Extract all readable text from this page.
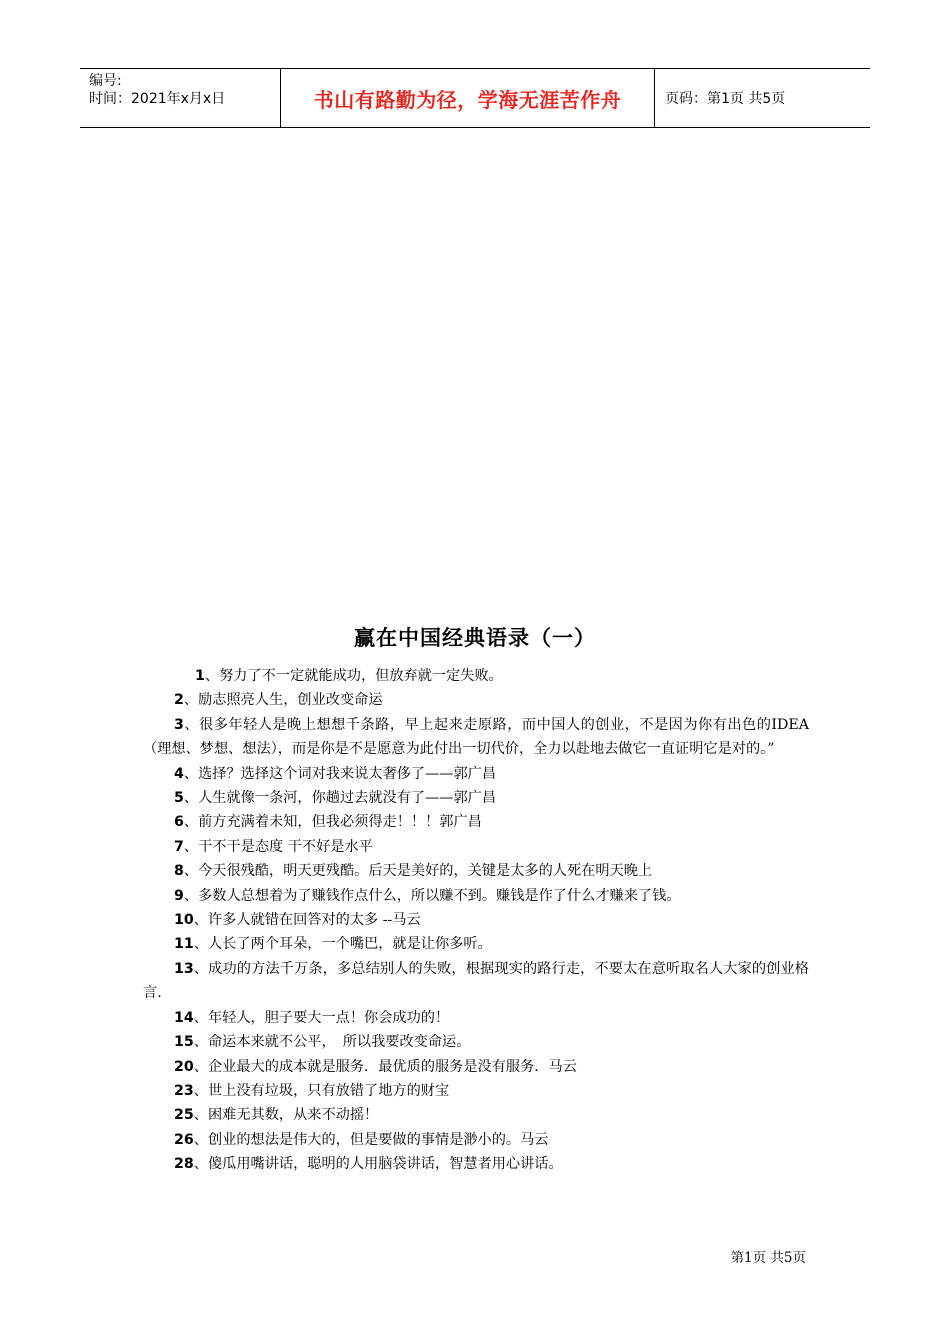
编号:
时间：2021年x月x日	书山有路勤为径，学海无涯苦作舟	页码：第1页 共5页
赢在中国经典语录（一）

1、努力了不一定就能成功，但放弃就一定失败。

2、励志照亮人生，创业改变命运

3、很多年轻人是晚上想想千条路，早上起来走原路，而中国人的创业，不是因为你有出色的IDEA（理想、梦想、想法），而是你是不是愿意为此付出一切代价，全力以赴地去做它一直证明它是对的。”

4、选择？选择这个词对我来说太奢侈了——郭广昌

5、人生就像一条河，你趟过去就没有了——郭广昌

6、前方充满着未知，但我必须得走！！！郭广昌

7、干不干是态度 干不好是水平

8、今天很残酷，明天更残酷。后天是美好的，关键是太多的人死在明天晚上

9、多数人总想着为了赚钱作点什么，所以赚不到。赚钱是作了什么才赚来了钱。

10、许多人就错在回答对的太多 --马云

11、人长了两个耳朵，一个嘴巴，就是让你多听。

13、成功的方法千万条，多总结别人的失败，根据现实的路行走，不要太在意听取名人大家的创业格言.

14、年轻人，胆子要大一点！你会成功的！

15、命运本来就不公平，　所以我要改变命运。

20、企业最大的成本就是服务．最优质的服务是没有服务．马云

23、世上没有垃圾，只有放错了地方的财宝

25、困难无其数，从来不动摇！

26、创业的想法是伟大的，但是要做的事情是渺小的。马云

28、傻瓜用嘴讲话，聪明的人用脑袋讲话，智慧者用心讲话。

第1页 共5页
